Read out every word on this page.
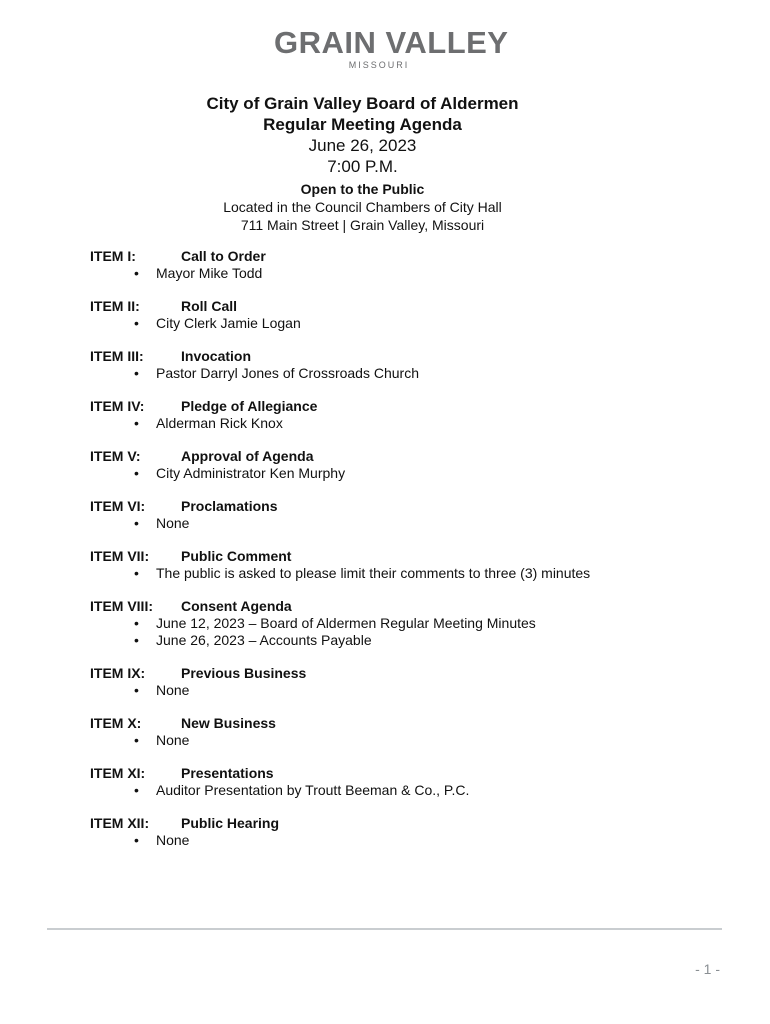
GRAIN VALLEY
MISSOURI
City of Grain Valley Board of Aldermen
Regular Meeting Agenda
June 26, 2023
7:00 P.M.
Open to the Public
Located in the Council Chambers of City Hall
711 Main Street | Grain Valley, Missouri
ITEM I:	Call to Order
•	Mayor Mike Todd
ITEM II:	Roll Call
•	City Clerk Jamie Logan
ITEM III:	Invocation
•	Pastor Darryl Jones of Crossroads Church
ITEM IV:	Pledge of Allegiance
•	Alderman Rick Knox
ITEM V:	Approval of Agenda
•	City Administrator Ken Murphy
ITEM VI:	Proclamations
•	None
ITEM VII:	Public Comment
•	The public is asked to please limit their comments to three (3) minutes
ITEM VIII:	Consent Agenda
•	June 12, 2023 – Board of Aldermen Regular Meeting Minutes
•	June 26, 2023 – Accounts Payable
ITEM IX:	Previous Business
•	None
ITEM X:	New Business
•	None
ITEM XI:	Presentations
•	Auditor Presentation by Troutt Beeman & Co., P.C.
ITEM XII:	Public Hearing
•	None
- 1 -
